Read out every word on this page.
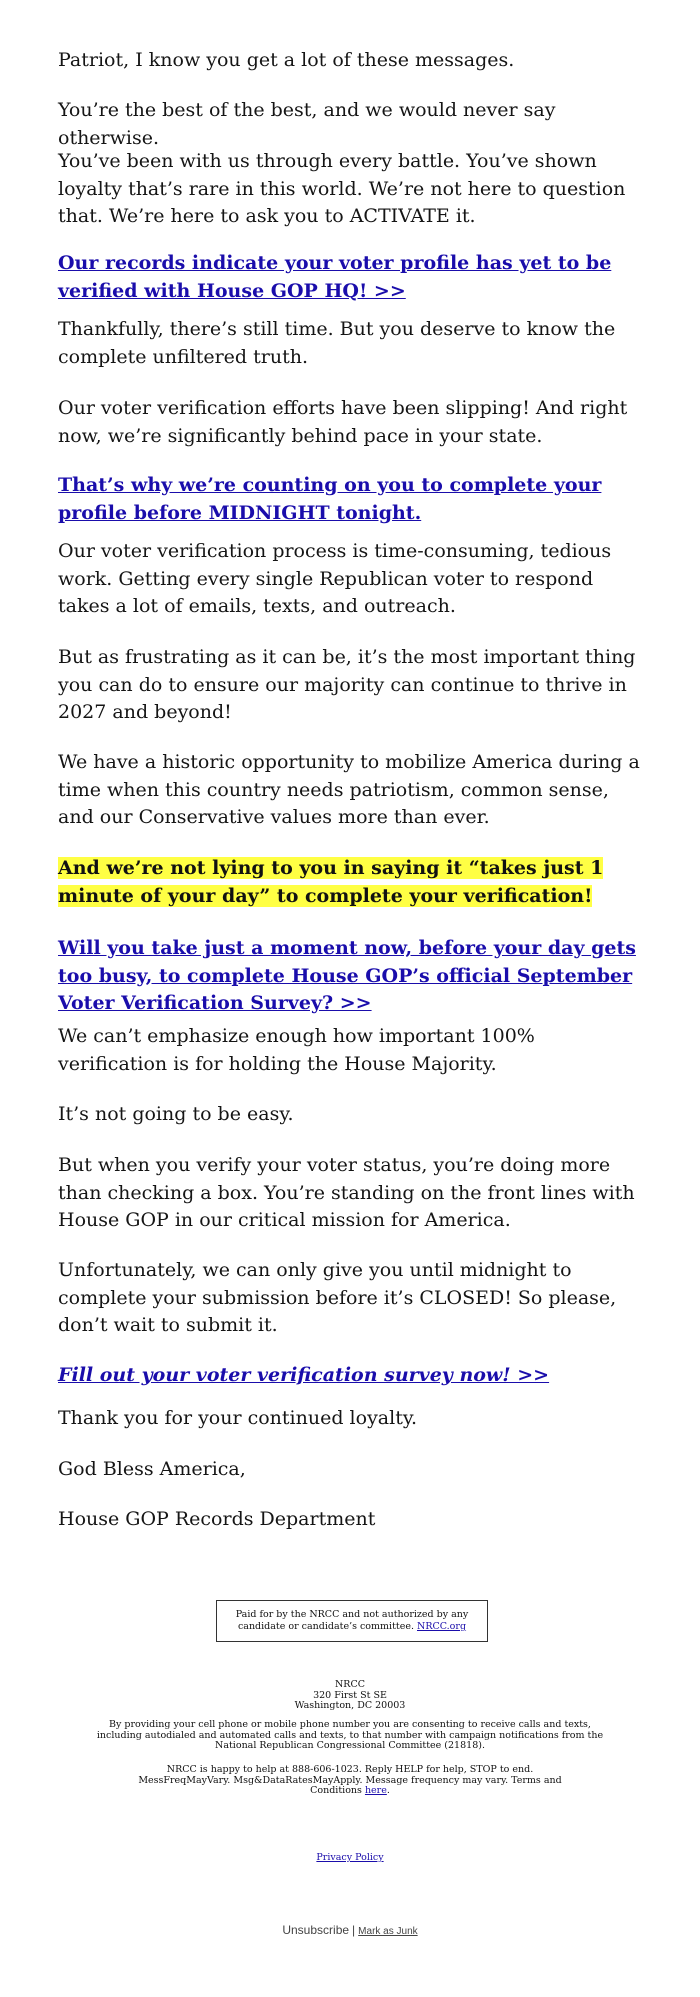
Patriot, I know you get a lot of these messages.

You’re the best of the best, and we would never say otherwise.

You’ve been with us through every battle. You’ve shown loyalty that’s rare in this world. We’re not here to question that. We’re here to ask you to ACTIVATE it.

Our records indicate your voter profile has yet to be verified with House GOP HQ! >>

Thankfully, there’s still time. But you deserve to know the complete unfiltered truth.

Our voter verification efforts have been slipping! And right now, we’re significantly behind pace in your state.

That’s why we’re counting on you to complete your profile before MIDNIGHT tonight.

Our voter verification process is time-consuming, tedious work. Getting every single Republican voter to respond takes a lot of emails, texts, and outreach.

But as frustrating as it can be, it’s the most important thing you can do to ensure our majority can continue to thrive in 2027 and beyond!

We have a historic opportunity to mobilize America during a time when this country needs patriotism, common sense, and our Conservative values more than ever.

And we’re not lying to you in saying it “takes just 1 minute of your day” to complete your verification!

Will you take just a moment now, before your day gets too busy, to complete House GOP’s official September Voter Verification Survey? >>

We can’t emphasize enough how important 100% verification is for holding the House Majority.

It’s not going to be easy.

But when you verify your voter status, you’re doing more than checking a box. You’re standing on the front lines with House GOP in our critical mission for America.

Unfortunately, we can only give you until midnight to complete your submission before it’s CLOSED! So please, don’t wait to submit it.

Fill out your voter verification survey now! >>

Thank you for your continued loyalty.

God Bless America,

House GOP Records Department

Paid for by the NRCC and not authorized by any candidate or candidate’s committee. NRCC.org
NRCC
320 First St SE
Washington, DC 20003
By providing your cell phone or mobile phone number you are consenting to receive calls and texts, including autodialed and automated calls and texts, to that number with campaign notifications from the National Republican Congressional Committee (21818).
NRCC is happy to help at 888-606-1023. Reply HELP for help, STOP to end. MessFreqMayVary. Msg&DataRatesMayApply. Message frequency may vary. Terms and Conditions here.
Privacy Policy
Unsubscribe | Mark as Junk
